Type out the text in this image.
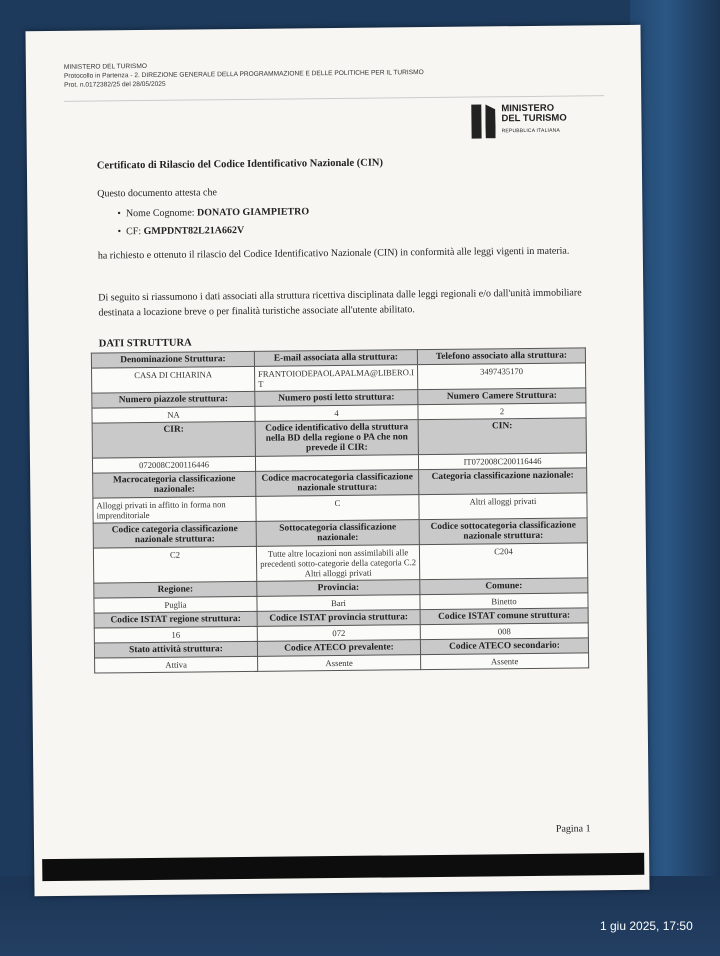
MINISTERO DEL TURISMO
Protocollo in Partenza - 2. DIREZIONE GENERALE DELLA PROGRAMMAZIONE E DELLE POLITICHE PER IL TURISMO
Prot. n.0172382/25 del 28/05/2025
MINISTERO
DEL TURISMO
REPUBBLICA ITALIANA
Certificato di Rilascio del Codice Identificativo Nazionale (CIN)
Questo documento attesta che
•  Nome Cognome: DONATO GIAMPIETRO
•  CF: GMPDNT82L21A662V
ha richiesto e ottenuto il rilascio del Codice Identificativo Nazionale (CIN) in conformità alle leggi vigenti in materia.
Di seguito si riassumono i dati associati alla struttura ricettiva disciplinata dalle leggi regionali e/o dall'unità immobiliare destinata a locazione breve o per finalità turistiche associate all'utente abilitato.
DATI STRUTTURA
Denominazione Struttura:	E-mail associata alla struttura:	Telefono associato alla struttura:
CASA DI CHIARINA	FRANTOIODEPAOLAPALMA@LIBERO.IT	3497435170
Numero piazzole struttura:	Numero posti letto struttura:	Numero Camere Struttura:
NA	4	2
CIR:	Codice identificativo della struttura nella BD della regione o PA che non prevede il CIR:	CIN:
072008C200116446		IT072008C200116446
Macrocategoria classificazione nazionale:	Codice macrocategoria classificazione nazionale struttura:	Categoria classificazione nazionale:
Alloggi privati in affitto in forma non imprenditoriale	C	Altri alloggi privati
Codice categoria classificazione nazionale struttura:	Sottocategoria classificazione nazionale:	Codice sottocategoria classificazione nazionale struttura:
C2	Tutte altre locazioni non assimilabili alle precedenti sotto-categorie della categoria C.2 Altri alloggi privati	C204
Regione:	Provincia:	Comune:
Puglia	Bari	Binetto
Codice ISTAT regione struttura:	Codice ISTAT provincia struttura:	Codice ISTAT comune struttura:
16	072	008
Stato attività struttura:	Codice ATECO prevalente:	Codice ATECO secondario:
Attiva	Assente	Assente
Pagina 1
1 giu 2025, 17:50
